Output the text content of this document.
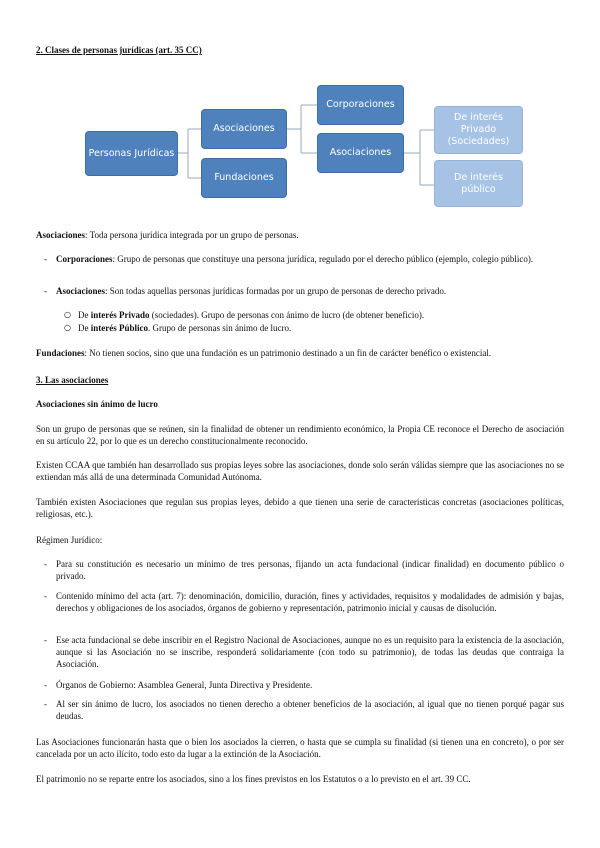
2. Clases de personas jurídicas (art. 35 CC)
Personas Jurídicas
Asociaciones
Fundaciones
Corporaciones
Asociaciones
De interés Privado (Sociedades)
De interés público
Asociaciones: Toda persona jurídica integrada por un grupo de personas.
-	Corporaciones: Grupo de personas que constituye una persona jurídica, regulado por el derecho público (ejemplo, colegio público).
-	Asociaciones: Son todas aquellas personas jurídicas formadas por un grupo de personas de derecho privado.
○ De interés Privado (sociedades). Grupo de personas con ánimo de lucro (de obtener beneficio).
○ De interés Público. Grupo de personas sin ánimo de lucro.
Fundaciones: No tienen socios, sino que una fundación es un patrimonio destinado a un fin de carácter benéfico o existencial.
3. Las asociaciones
Asociaciones sin ánimo de lucro
Son un grupo de personas que se reúnen, sin la finalidad de obtener un rendimiento económico, la Propia CE reconoce el Derecho de asociación en su artículo 22, por lo que es un derecho constitucionalmente reconocido.
Existen CCAA que también han desarrollado sus propias leyes sobre las asociaciones, donde solo serán válidas siempre que las asociaciones no se extiendan más allá de una determinada Comunidad Autónoma.
También existen Asociaciones que regulan sus propias leyes, debido a que tienen una serie de características concretas (asociaciones políticas, religiosas, etc.).
Régimen Jurídico:
-	Para su constitución es necesario un mínimo de tres personas, fijando un acta fundacional (indicar finalidad) en documento público o privado.
-	Contenido mínimo del acta (art. 7): denominación, domicilio, duración, fines y actividades, requisitos y modalidades de admisión y bajas, derechos y obligaciones de los asociados, órganos de gobierno y representación, patrimonio inicial y causas de disolución.
-	Ese acta fundacional se debe inscribir en el Registro Nacional de Asociaciones, aunque no es un requisito para la existencia de la asociación, aunque si las Asociación no se inscribe, responderá solidariamente (con todo su patrimonio), de todas las deudas que contraiga la Asociación.
-	Órganos de Gobierno: Asamblea General, Junta Directiva y Presidente.
-	Al ser sin ánimo de lucro, los asociados no tienen derecho a obtener beneficios de la asociación, al igual que no tienen porqué pagar sus deudas.
Las Asociaciones funcionarán hasta que o bien los asociados la cierren, o hasta que se cumpla su finalidad (si tienen una en concreto), o por ser cancelada por un acto ilícito, todo esto da lugar a la extinción de la Asociación.
El patrimonio no se reparte entre los asociados, sino a los fines previstos en los Estatutos o a lo previsto en el art. 39 CC.
